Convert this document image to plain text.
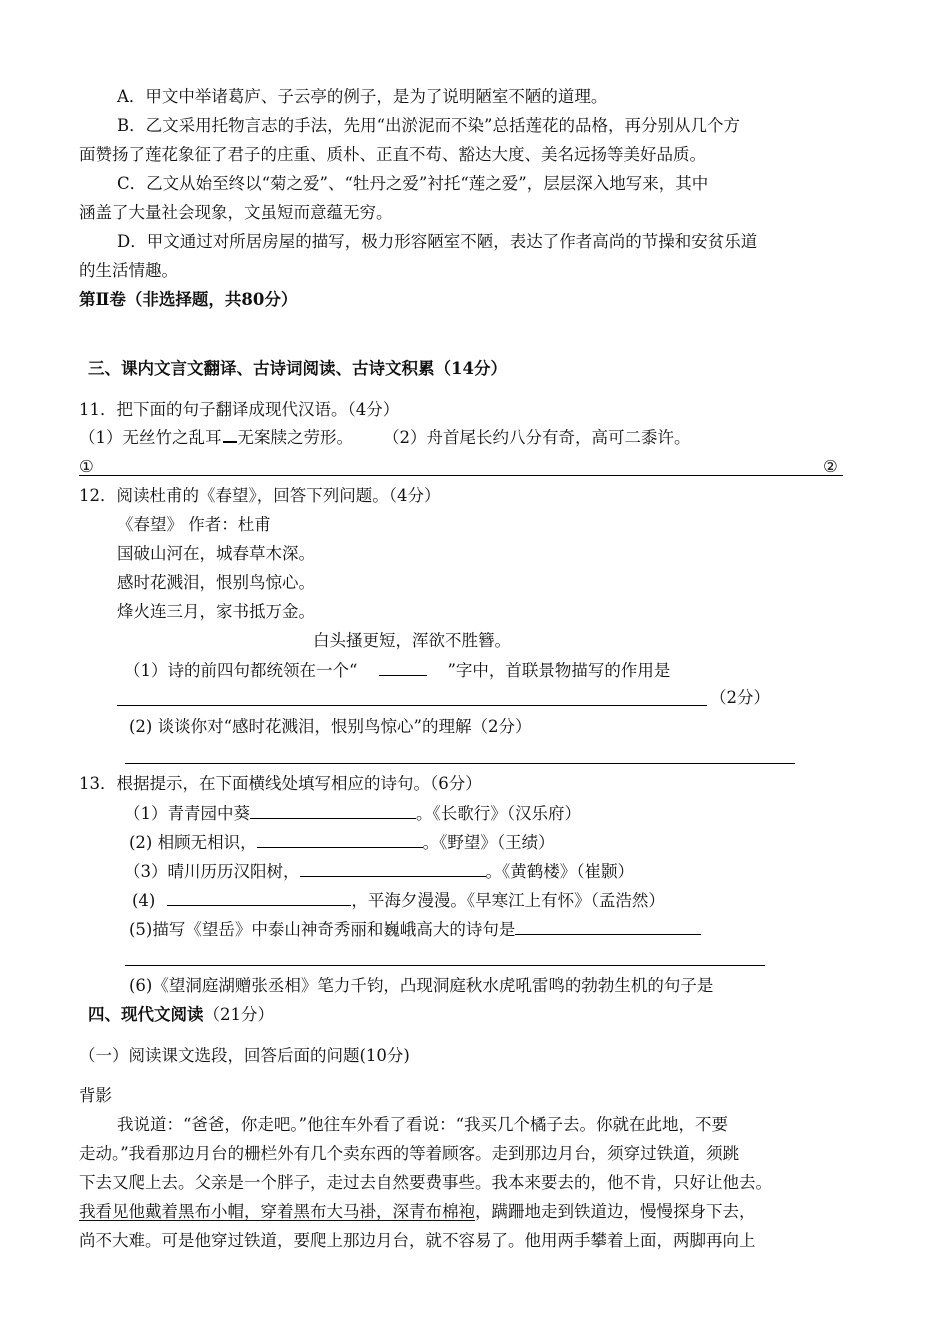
A．甲文中举诸葛庐、子云亭的例子，是为了说明陋室不陋的道理。
B．乙文采用托物言志的手法，先用“出淤泥而不染”总括莲花的品格，再分别从几个方
面赞扬了莲花象征了君子的庄重、质朴、正直不苟、豁达大度、美名远扬等美好品质。
C．乙文从始至终以“菊之爱”、“牡丹之爱”衬托“莲之爱”，层层深入地写来，其中
涵盖了大量社会现象，文虽短而意蕴无穷。
D．甲文通过对所居房屋的描写，极力形容陋室不陋，表达了作者高尚的节操和安贫乐道
的生活情趣。
第Ⅱ卷（非选择题，共80分）
三、课内文言文翻译、古诗词阅读、古诗文积累（14分）
11．把下面的句子翻译成现代汉语。（4分）
（1）无丝竹之乱耳 无案牍之劳形。 （2）舟首尾长约八分有奇，高可二黍许。
①	②
12．阅读杜甫的《春望》，回答下列问题。（4分）
《春望》 作者：杜甫
国破山河在，城春草木深。
感时花溅泪，恨别鸟惊心。
烽火连三月，家书抵万金。
白头搔更短，浑欲不胜簪。
（1）诗的前四句都统领在一个“	”字中，首联景物描写的作用是
（2分）
(2) 谈谈你对“感时花溅泪，恨别鸟惊心”的理解（2分）
13．根据提示，在下面横线处填写相应的诗句。（6分）
（1）青青园中葵	。《长歌行》（汉乐府）
(2) 相顾无相识，	。《野望》（王绩）
（3）晴川历历汉阳树，	。《黄鹤楼》（崔颢）
(4)	，平海夕漫漫。《早寒江上有怀》（孟浩然）
(5)描写《望岳》中泰山神奇秀丽和巍峨高大的诗句是
(6)《望洞庭湖赠张丞相》笔力千钧，凸现洞庭秋水虎吼雷鸣的勃勃生机的句子是
四、现代文阅读（21分）
（一）阅读课文选段，回答后面的问题(10分)
背影
我说道：“爸爸，你走吧。”他往车外看了看说：“我买几个橘子去。你就在此地，不要
走动。”我看那边月台的栅栏外有几个卖东西的等着顾客。走到那边月台，须穿过铁道，须跳
下去又爬上去。父亲是一个胖子，走过去自然要费事些。我本来要去的，他不肯，只好让他去。
我看见他戴着黑布小帽，穿着黑布大马褂，深青布棉袍，蹒跚地走到铁道边，慢慢探身下去，
尚不大难。可是他穿过铁道，要爬上那边月台，就不容易了。他用两手攀着上面，两脚再向上
